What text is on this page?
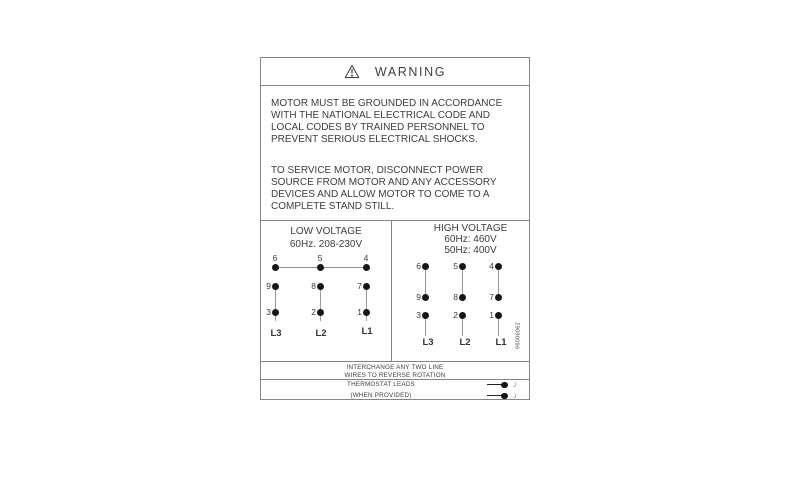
WARNING
MOTOR MUST BE GROUNDED IN ACCORDANCE
WITH THE NATIONAL ELECTRICAL CODE AND
LOCAL CODES BY TRAINED PERSONNEL TO
PREVENT SERIOUS ELECTRICAL SHOCKS.
TO SERVICE MOTOR, DISCONNECT POWER
SOURCE FROM MOTOR AND ANY ACCESSORY
DEVICES AND ALLOW MOTOR TO COME TO A
COMPLETE STAND STILL.
LOW VOLTAGE
60Hz. 208-230V
6	5	4
9	8	7
3	2	1
L3	L2	L1
HIGH VOLTAGE
60Hz: 460V
50Hz: 400V
6	5	4
9	8	7
3	2	1
L3	L2	L1	96006062
INTERCHANGE ANY TWO LINE
WIRES TO REVERSE ROTATION
THERMOSTAT LEADS
(WHEN PROVIDED)
J
J
